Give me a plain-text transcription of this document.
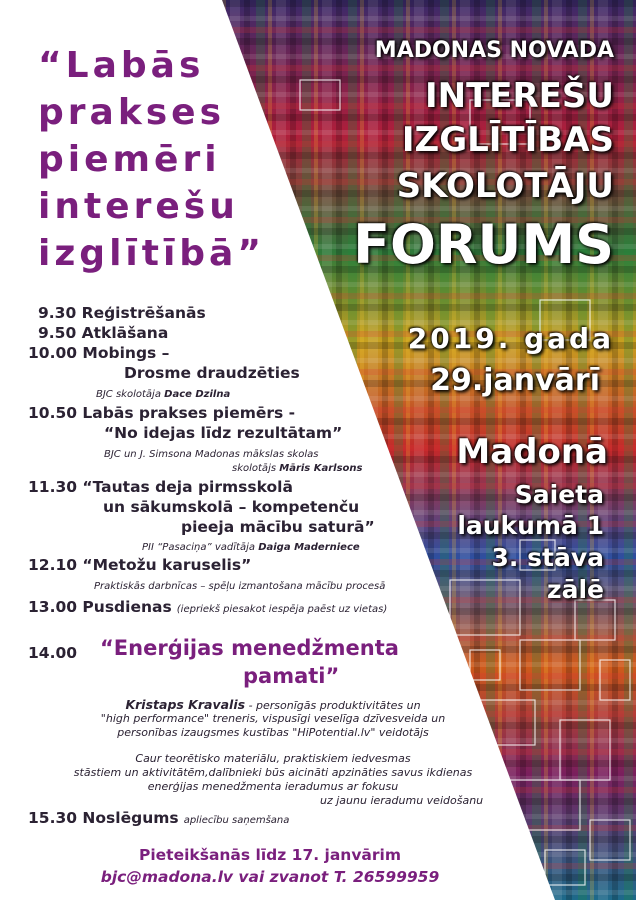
“Labās
prakses
piemēri
interešu
izglītībā”
MADONAS NOVADA
INTEREŠU
IZGLĪTĪBAS
SKOLOTĀJU
FORUMS
2019. gada
29.janvārī
Madonā
Saieta
laukumā 1
3. stāva
zālē
9.30 Reģistrēšanās
9.50 Atklāšana
10.00 Mobings –
Drosme draudzēties
BJC skolotāja Dace Dzilna
10.50 Labās prakses piemērs -
“No idejas līdz rezultātam”
BJC un J. Simsona Madonas mākslas skolas
skolotājs Māris Karlsons
11.30 “Tautas deja pirmsskolā
un sākumskolā – kompetenču
pieeja mācību saturā”
PII “Pasaciņa” vadītāja Daiga Maderniece
12.10 “Metožu karuselis”
Praktiskās darbnīcas – spēļu izmantošana mācību procesā
13.00 Pusdienas (iepriekš piesakot iespēja paēst uz vietas)
14.00 “Enerģijas menedžmenta
pamati”
Kristaps Kravalis - personīgās produktivitātes un
"high performance" treneris, vispusīgi veselīga dzīvesveida un
personības izaugsmes kustības "HiPotential.lv" veidotājs
Caur teorētisko materiālu, praktiskiem iedvesmas
stāstiem un aktivitātēm,dalībnieki būs aicināti apzināties savus ikdienas
enerģijas menedžmenta ieradumus ar fokusu
uz jaunu ieradumu veidošanu
15.30 Noslēgums apliecību saņemšana
Pieteikšanās līdz 17. janvārim
bjc@madona.lv vai zvanot T. 26599959
